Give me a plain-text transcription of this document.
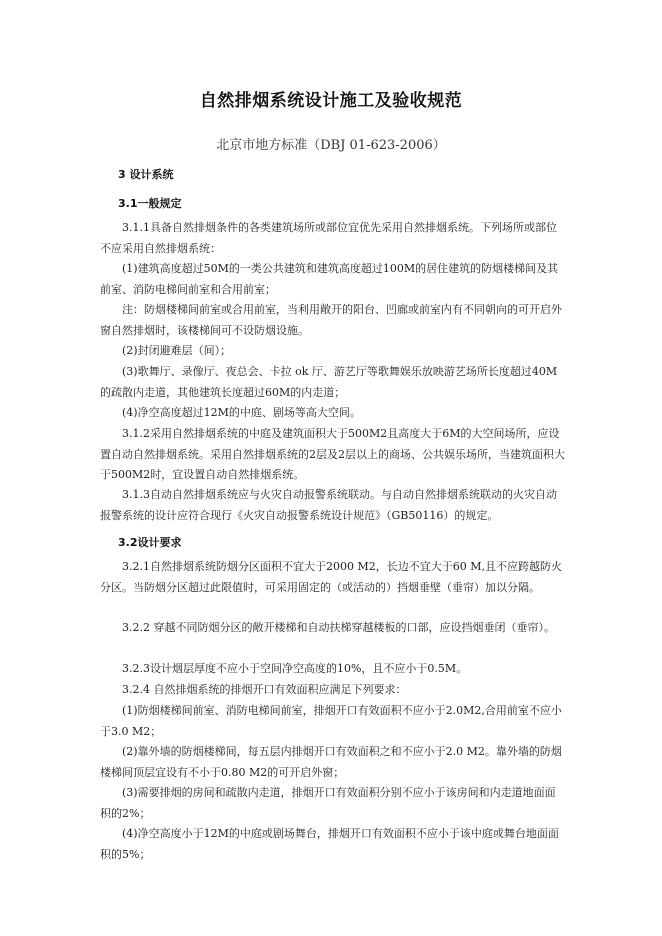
自然排烟系统设计施工及验收规范
北京市地方标准（DBJ 01-623-2006）
3 设计系统
3.1一般规定

3.1.1具备自然排烟条件的各类建筑场所或部位宜优先采用自然排烟系统。下列场所或部位不应采用自然排烟系统：

(1)建筑高度超过50M的一类公共建筑和建筑高度超过100M的居住建筑的防烟楼梯间及其前室、消防电梯间前室和合用前室；

注：防烟楼梯间前室或合用前室，当利用敞开的阳台、凹廊或前室内有不同朝向的可开启外窗自然排烟时，该楼梯间可不设防烟设施。

(2)封闭避难层（间）；

(3)歌舞厅、录像厅、夜总会、卡拉 ok 厅、游艺厅等歌舞娱乐放映游艺场所长度超过40M的疏散内走道，其他建筑长度超过60M的内走道；

(4)净空高度超过12M的中庭、剧场等高大空间。

3.1.2采用自然排烟系统的中庭及建筑面积大于500M2且高度大于6M的大空间场所，应设置自动自然排烟系统。采用自然排烟系统的2层及2层以上的商场、公共娱乐场所，当建筑面积大于500M2时，宜设置自动自然排烟系统。

3.1.3自动自然排烟系统应与火灾自动报警系统联动。与自动自然排烟系统联动的火灾自动报警系统的设计应符合现行《火灾自动报警系统设计规范》（GB50116）的规定。

3.2设计要求

3.2.1自然排烟系统防烟分区面积不宜大于2000 M2，长边不宜大于60 M,且不应跨越防火分区。当防烟分区超过此限值时，可采用固定的（或活动的）挡烟垂壁（垂帘）加以分隔。

3.2.2 穿越不同防烟分区的敞开楼梯和自动扶梯穿越楼板的口部，应设挡烟垂闭（垂帘）。

3.2.3设计烟层厚度不应小于空间净空高度的10%，且不应小于0.5M。

3.2.4 自然排烟系统的排烟开口有效面积应满足下列要求：

(1)防烟楼梯间前室、消防电梯间前室，排烟开口有效面积不应小于2.0M2,合用前室不应小于3.0 M2；

(2)靠外墙的防烟楼梯间，每五层内排烟开口有效面积之和不应小于2.0 M2。靠外墙的防烟楼梯间顶层宜设有不小于0.80 M2的可开启外窗；

(3)需要排烟的房间和疏散内走道，排烟开口有效面积分别不应小于该房间和内走道地面面积的2%；

(4)净空高度小于12M的中庭或剧场舞台，排烟开口有效面积不应小于该中庭或舞台地面面积的5%；
